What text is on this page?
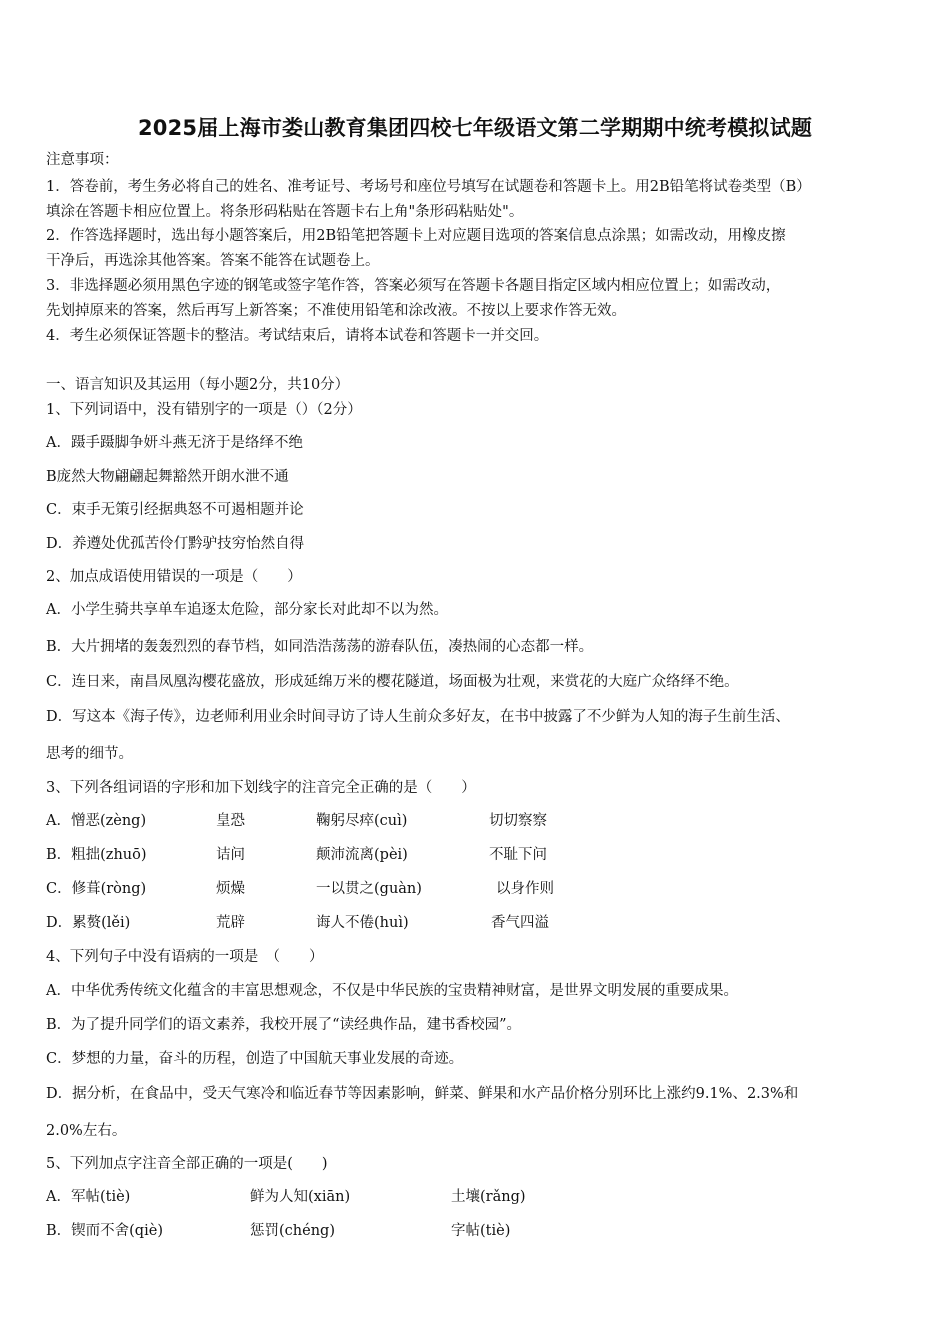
2025届上海市娄山教育集团四校七年级语文第二学期期中统考模拟试题
注意事项：
1．答卷前，考生务必将自己的姓名、准考证号、考场号和座位号填写在试题卷和答题卡上。用2B铅笔将试卷类型（B）
填涂在答题卡相应位置上。将条形码粘贴在答题卡右上角"条形码粘贴处"。
2．作答选择题时，选出每小题答案后，用2B铅笔把答题卡上对应题目选项的答案信息点涂黑；如需改动，用橡皮擦
干净后，再选涂其他答案。答案不能答在试题卷上。
3．非选择题必须用黑色字迹的钢笔或签字笔作答，答案必须写在答题卡各题目指定区域内相应位置上；如需改动，
先划掉原来的答案，然后再写上新答案；不准使用铅笔和涂改液。不按以上要求作答无效。
4．考生必须保证答题卡的整洁。考试结束后，请将本试卷和答题卡一并交回。
一、语言知识及其运用（每小题2分，共10分）
1、下列词语中，没有错别字的一项是（）（2分）
A．蹑手蹑脚争妍斗燕无济于是络绎不绝
B庞然大物翩翩起舞豁然开朗水泄不通
C．束手无策引经据典怒不可遏相题并论
D．养遵处优孤苦伶仃黔驴技穷怡然自得
2、加点成语使用错误的一项是（　　）
A．小学生骑共享单车追逐太危险，部分家长对此却不以为然。
B．大片拥堵的轰轰烈烈的春节档，如同浩浩荡荡的游春队伍，凑热闹的心态都一样。
C．连日来，南昌凤凰沟樱花盛放，形成延绵万米的樱花隧道，场面极为壮观，来赏花的大庭广众络绎不绝。
D．写这本《海子传》，边老师利用业余时间寻访了诗人生前众多好友，在书中披露了不少鲜为人知的海子生前生活、
思考的细节。
3、下列各组词语的字形和加下划线字的注音完全正确的是（　　）
A．憎恶(zèng)	皇恐	鞠躬尽瘁(cuì)	切切察察
B．粗拙(zhuō)	诘问	颠沛流离(pèi)	不耻下问
C．修葺(ròng)	烦燥	一以贯之(guàn)	以身作则
D．累赘(lěi)	荒辟	诲人不倦(huì)	香气四溢
4、下列句子中没有语病的一项是　（　　）
A．中华优秀传统文化蕴含的丰富思想观念，不仅是中华民族的宝贵精神财富，是世界文明发展的重要成果。
B．为了提升同学们的语文素养，我校开展了“读经典作品，建书香校园”。
C．梦想的力量，奋斗的历程，创造了中国航天事业发展的奇迹。
D．据分析，在食品中，受天气寒冷和临近春节等因素影响，鲜菜、鲜果和水产品价格分别环比上涨约9.1%、2.3%和
2.0%左右。
5、下列加点字注音全部正确的一项是(　　)
A．军帖(tiè)	鲜为人知(xiān)	土壤(rǎng)
B．锲而不舍(qiè)	惩罚(chéng)	字帖(tiè)
